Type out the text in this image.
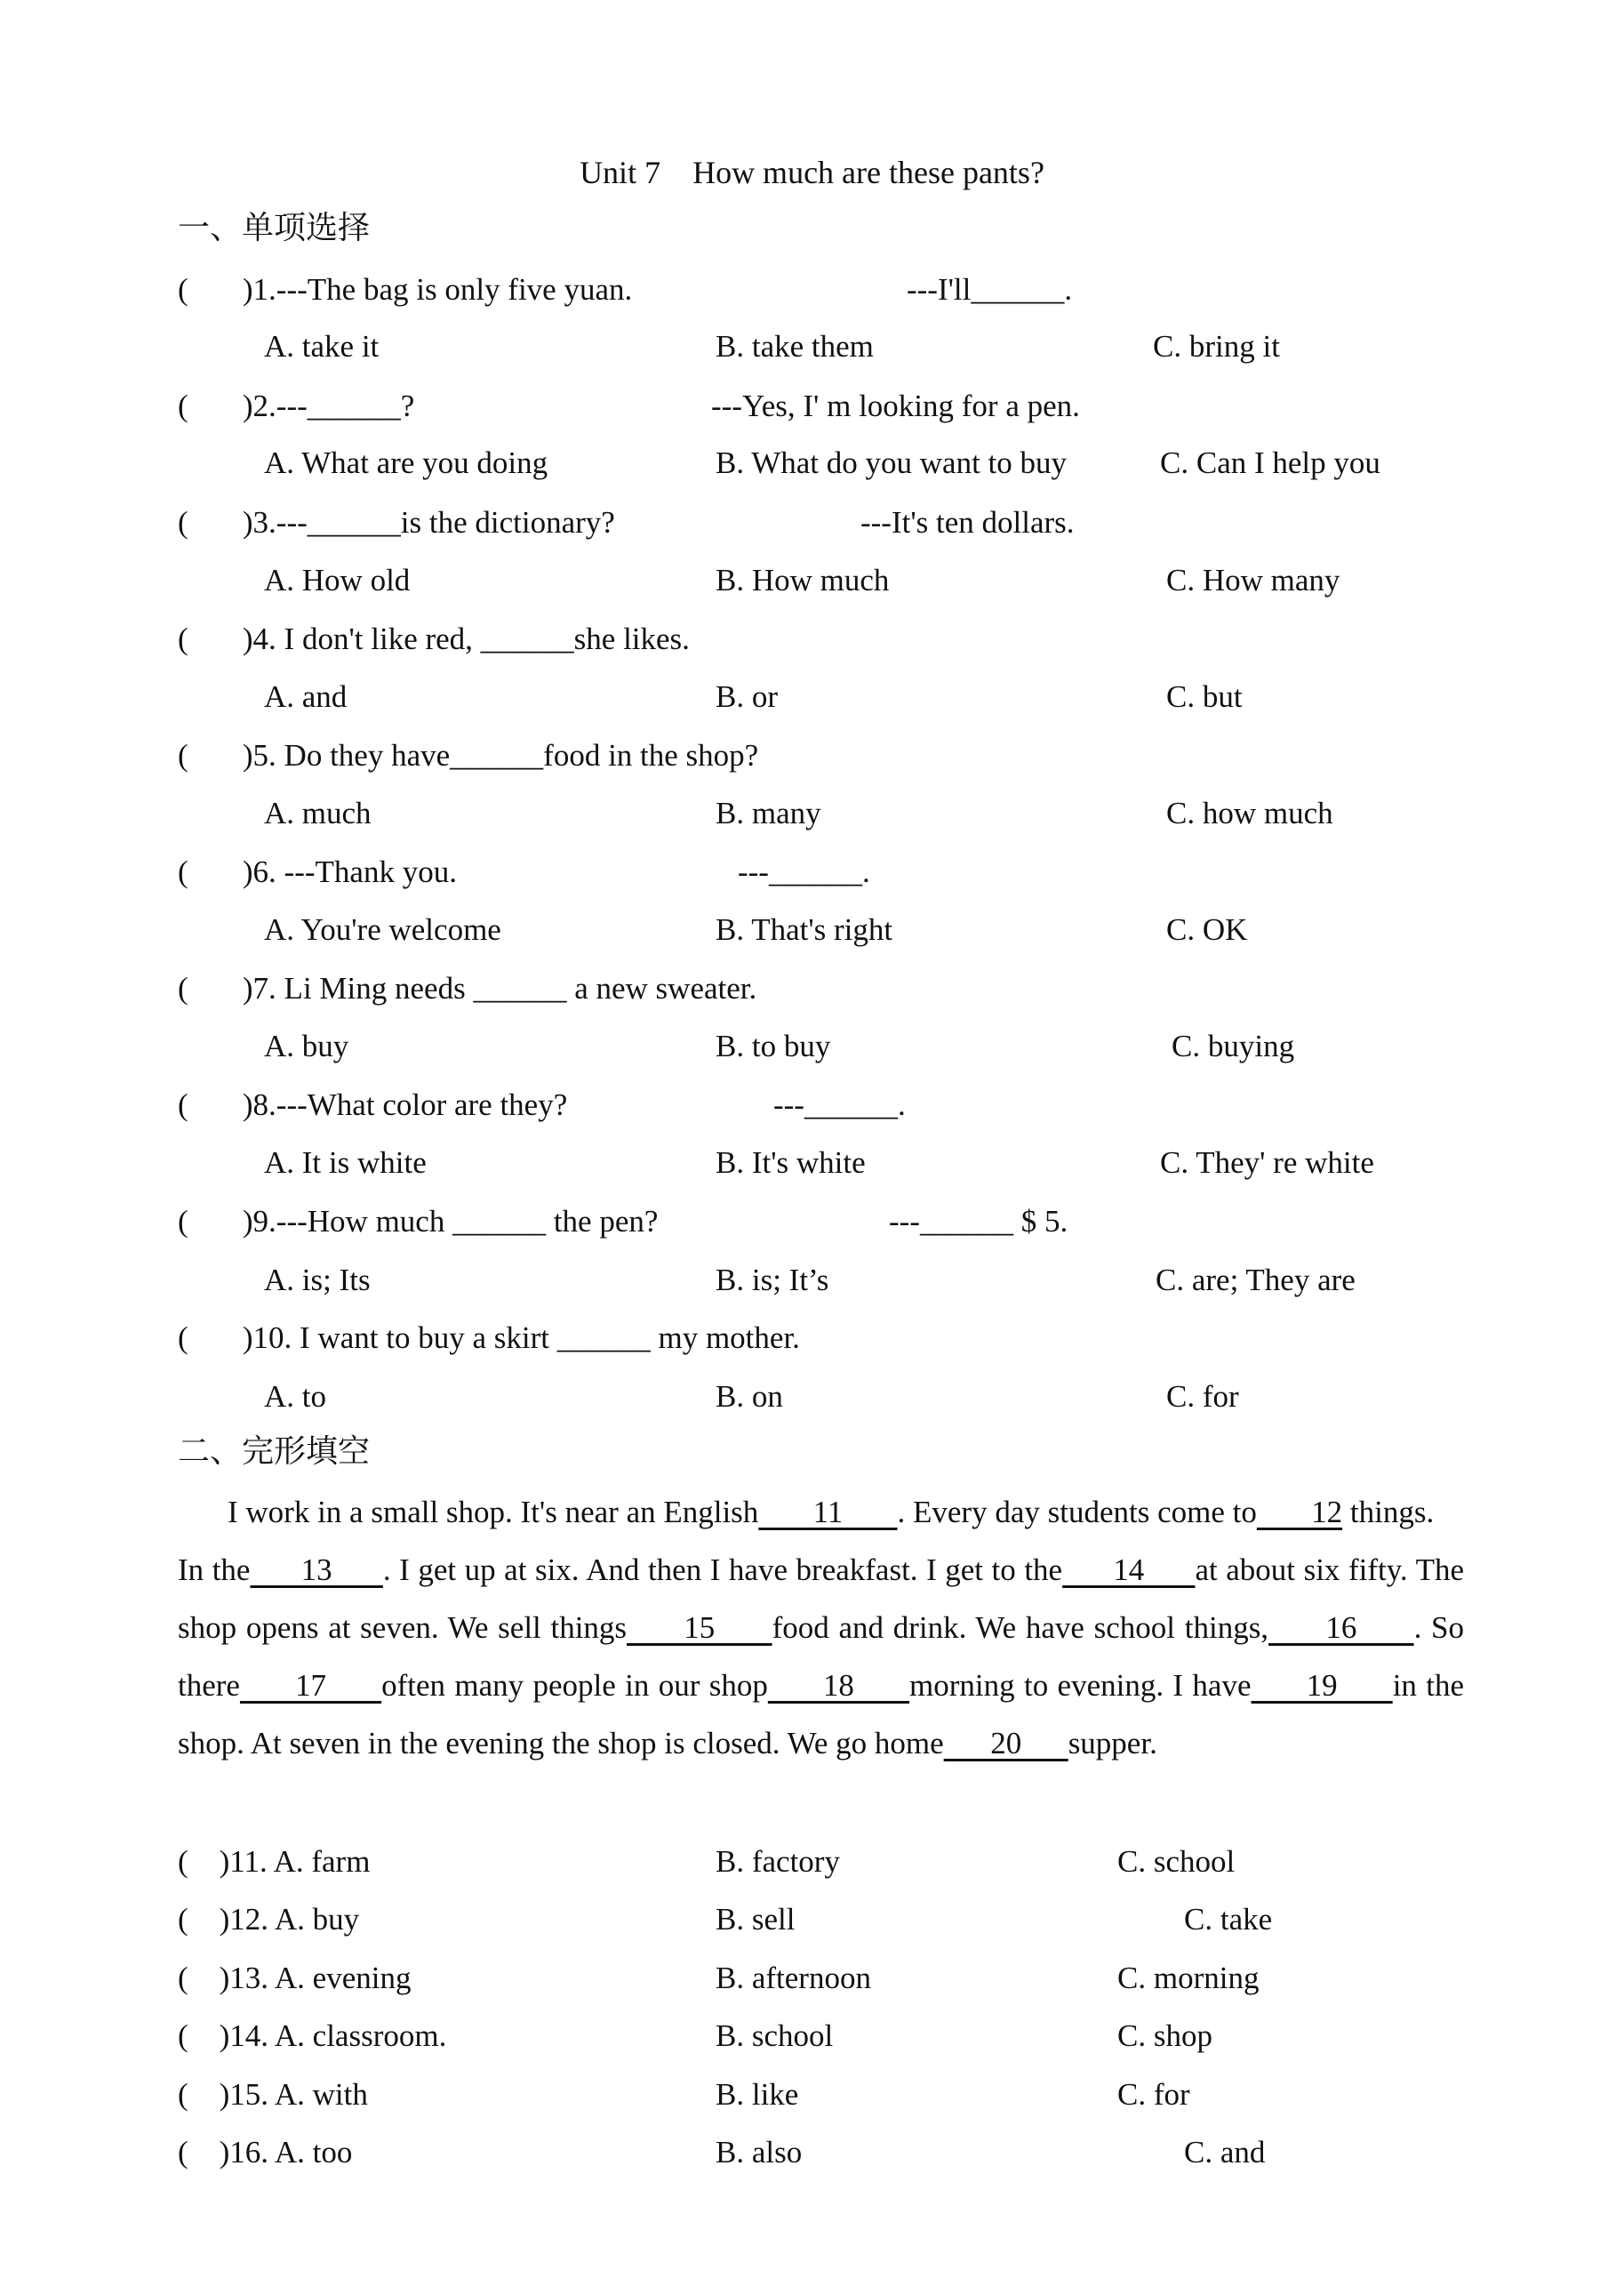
Unit 7    How much are these pants?
一、单项选择

(       )1.---The bag is only five yuan.

	---I'll______.

A. take it

	B. take them

	C. bring it

(       )2.---______?

	---Yes, I' m looking for a pen.

A. What are you doing

	B. What do you want to buy

	C. Can I help you

(       )3.---______is the dictionary?

	---It's ten dollars.

A. How old

	B. How much

	C. How many

(       )4. I don't like red, ______she likes.

A. and

	B. or

	C. but

(       )5. Do they have______food in the shop?

A. much

	B. many

	C. how much

(       )6. ---Thank you.

	---______.

A. You're welcome

	B. That's right

	C. OK

(       )7. Li Ming needs ______ a new sweater.

A. buy

	B. to buy

	C. buying

(       )8.---What color are they?

	---______.

A. It is white

	B. It's white

	C. They' re white

(       )9.---How much ______ the pen?

	---______ $ 5.

A. is; Its

	B. is; It’s

	C. are; They are

(       )10. I want to buy a skirt ______ my mother.

A. to

	B. on

	C. for

二、完形填空

I work in a small shop. It's near an English       11       . Every day students come to       12 things.

In the      13      . I get up at six. And then I have breakfast. I get to the      14      at about six fifty. The shop opens at seven. We sell things      15      food and drink. We have school things,      16      . So there      17      often many people in our shop      18      morning to evening. I have      19      in the shop. At seven in the evening the shop is closed. We go home      20      supper.

(    )11. A. farm

	B. factory

	C. school

(    )12. A. buy

	B. sell

	C. take

(    )13. A. evening

	B. afternoon

	C. morning

(    )14. A. classroom.

	B. school

	C. shop

(    )15. A. with

	B. like

	C. for

(    )16. A. too

	B. also

	C. and
